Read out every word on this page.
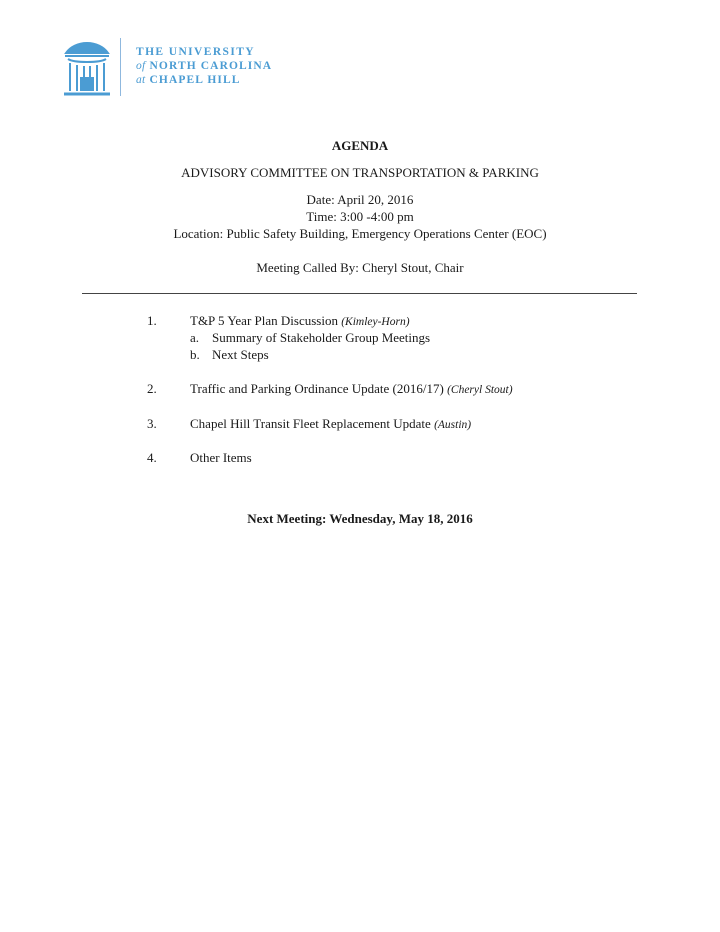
THE UNIVERSITY
of NORTH CAROLINA
at CHAPEL HILL
AGENDA
ADVISORY COMMITTEE ON TRANSPORTATION & PARKING
Date: April 20, 2016
Time: 3:00 -4:00 pm
Location: Public Safety Building, Emergency Operations Center (EOC)
Meeting Called By: Cheryl Stout, Chair
1.	T&P 5 Year Plan Discussion (Kimley-Horn)
a. Summary of Stakeholder Group Meetings
b. Next Steps
2.	Traffic and Parking Ordinance Update (2016/17) (Cheryl Stout)
3.	Chapel Hill Transit Fleet Replacement Update (Austin)
4.	Other Items
Next Meeting: Wednesday, May 18, 2016
